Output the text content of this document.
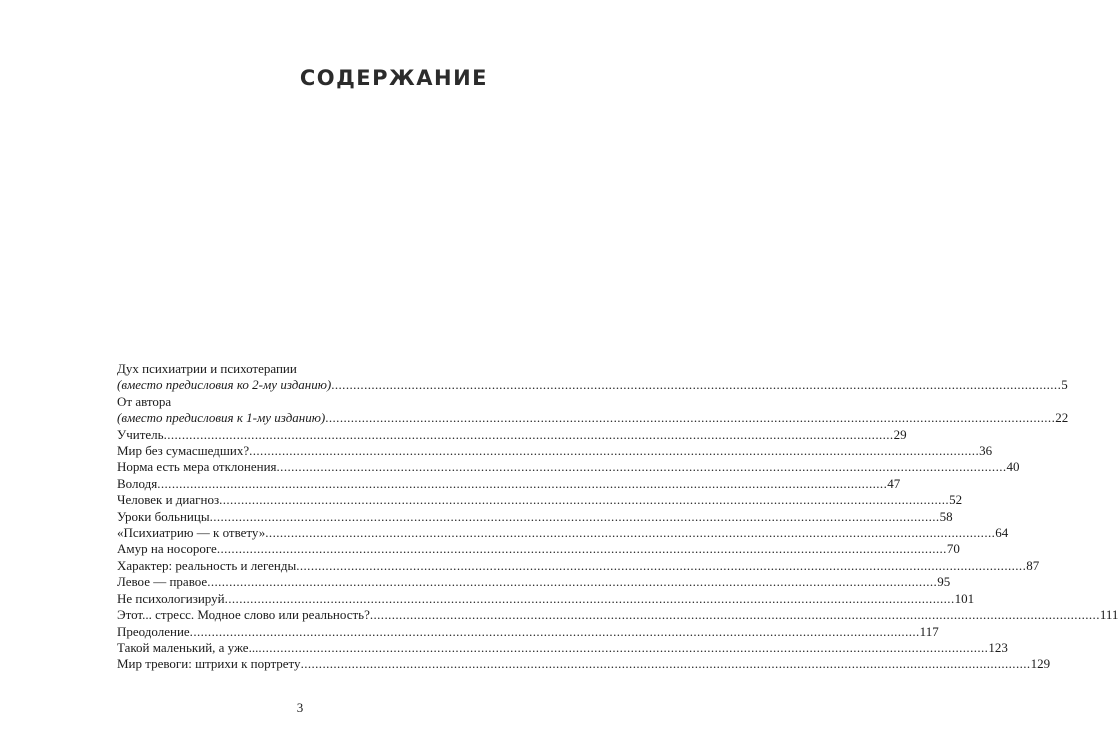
СОДЕРЖАНИЕ
Дух психиатрии и психотерапии
(вместо предисловия ко 2-му изданию) ........................................................................................................................................................................................................ 5
От автора
(вместо предисловия к 1-му изданию) ........................................................................................................................................................................................................ 22
Учитель ........................................................................................................................................................................................................ 29
Мир без сумасшедших? ........................................................................................................................................................................................................ 36
Норма есть мера отклонения ........................................................................................................................................................................................................ 40
Володя ........................................................................................................................................................................................................ 47
Человек и диагноз ........................................................................................................................................................................................................ 52
Уроки больницы ........................................................................................................................................................................................................ 58
«Психиатрию — к ответу» ........................................................................................................................................................................................................ 64
Амур на носороге ........................................................................................................................................................................................................ 70
Характер: реальность и легенды ........................................................................................................................................................................................................ 87
Левое — правое ........................................................................................................................................................................................................ 95
Не психологизируй ........................................................................................................................................................................................................ 101
Этот... стресс. Модное слово или реальность? ........................................................................................................................................................................................................ 111
Преодоление ........................................................................................................................................................................................................ 117
Такой маленький, а уже... ........................................................................................................................................................................................................ 123
Мир тревоги: штрихи к портрету ........................................................................................................................................................................................................ 129
3
